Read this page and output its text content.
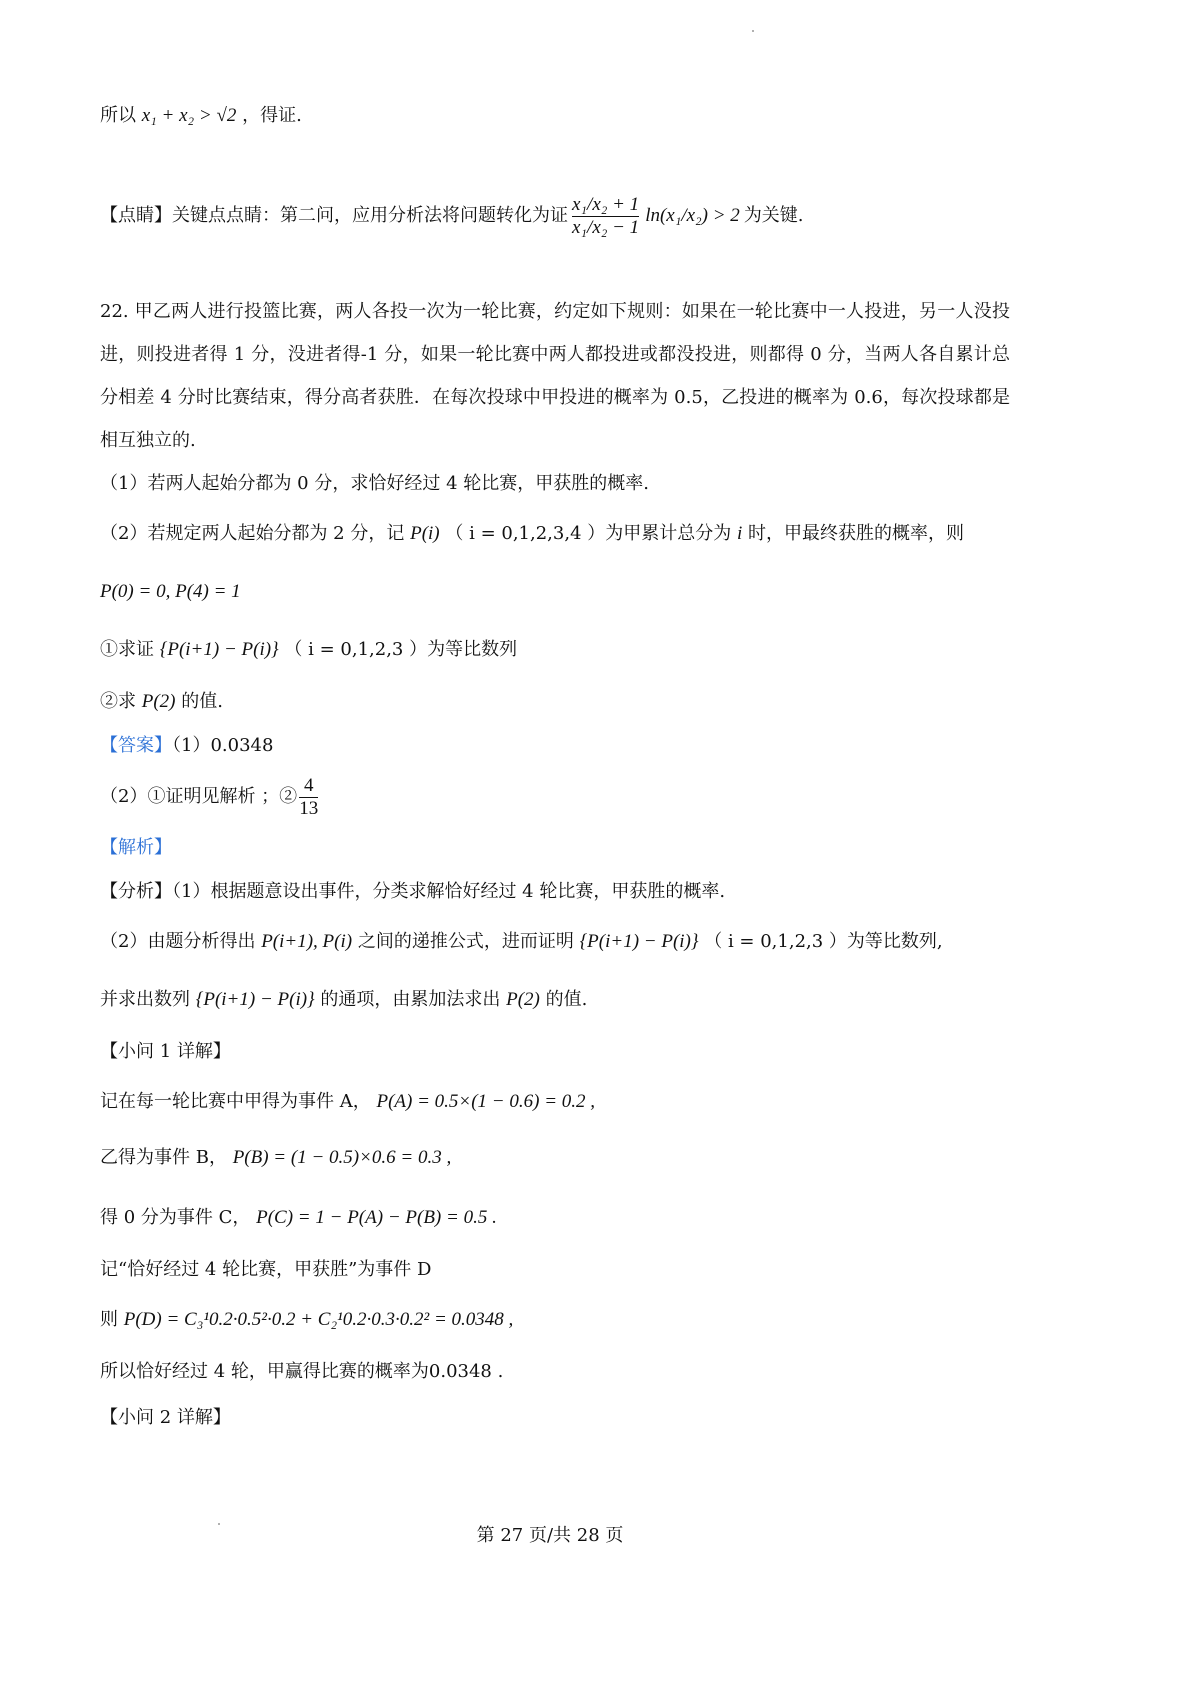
所以 x₁ + x₂ > √2 ，得证.
【点睛】 关键点点睛：第二问，应用分析法将问题转化为证 $\frac{\text{x₁/x₂ + 1}}{\text{x₁/x₂ − 1}} \ln(x_1/x_2) > 2$ 为关键.
22. 甲乙两人进行投篮比赛，两人各投一次为一轮比赛，约定如下规则：如果在一轮比赛中一人投进，另一人没投进，则投进者得 1 分，没进者得-1 分，如果一轮比赛中两人都投进或都没投进，则都得 0 分，当两人各自累计总分相差 4 分时比赛结束，得分高者获胜．在每次投球中甲投进的概率为 0.5，乙投进的概率为 0.6，每次投球都是相互独立的.
（1）若两人起始分都为 0 分，求恰好经过 4 轮比赛，甲获胜的概率.
（2）若规定两人起始分都为 2 分，记 P(i) （ i = 0,1,2,3,4 ）为甲累计总分为 i 时，甲最终获胜的概率，则
P(0) = 0, P(4) = 1
①求证 {P(i+1) − P(i)} （ i = 0,1,2,3 ）为等比数列
②求 P(2) 的值.
【答案】（1）0.0348
（2）①证明见解析 ；② $\frac{4}{13}$
【解析】
【分析】（1）根据题意设出事件，分类求解恰好经过 4 轮比赛，甲获胜的概率.
（2）由题分析得出 P(i+1), P(i) 之间的递推公式，进而证明 {P(i+1) − P(i)} （ i = 0,1,2,3 ）为等比数列,
并求出数列 {P(i+1) − P(i)} 的通项，由累加法求出 P(2) 的值.
【小问 1 详解】
记在每一轮比赛中甲得为事件 A， P(A) = 0.5×(1 − 0.6) = 0.2 ,
乙得为事件 B， P(B) = (1 − 0.5)×0.6 = 0.3 ,
得 0 分为事件 C， P(C) = 1 − P(A) − P(B) = 0.5 .
记“恰好经过 4 轮比赛，甲获胜”为事件 D
则 P(D) = C₃¹0.2·0.5²·0.2 + C₂¹0.2·0.3·0.2² = 0.0348 ,
所以恰好经过 4 轮，甲赢得比赛的概率为0.0348 .
【小问 2 详解】
第 27 页/共 28 页
